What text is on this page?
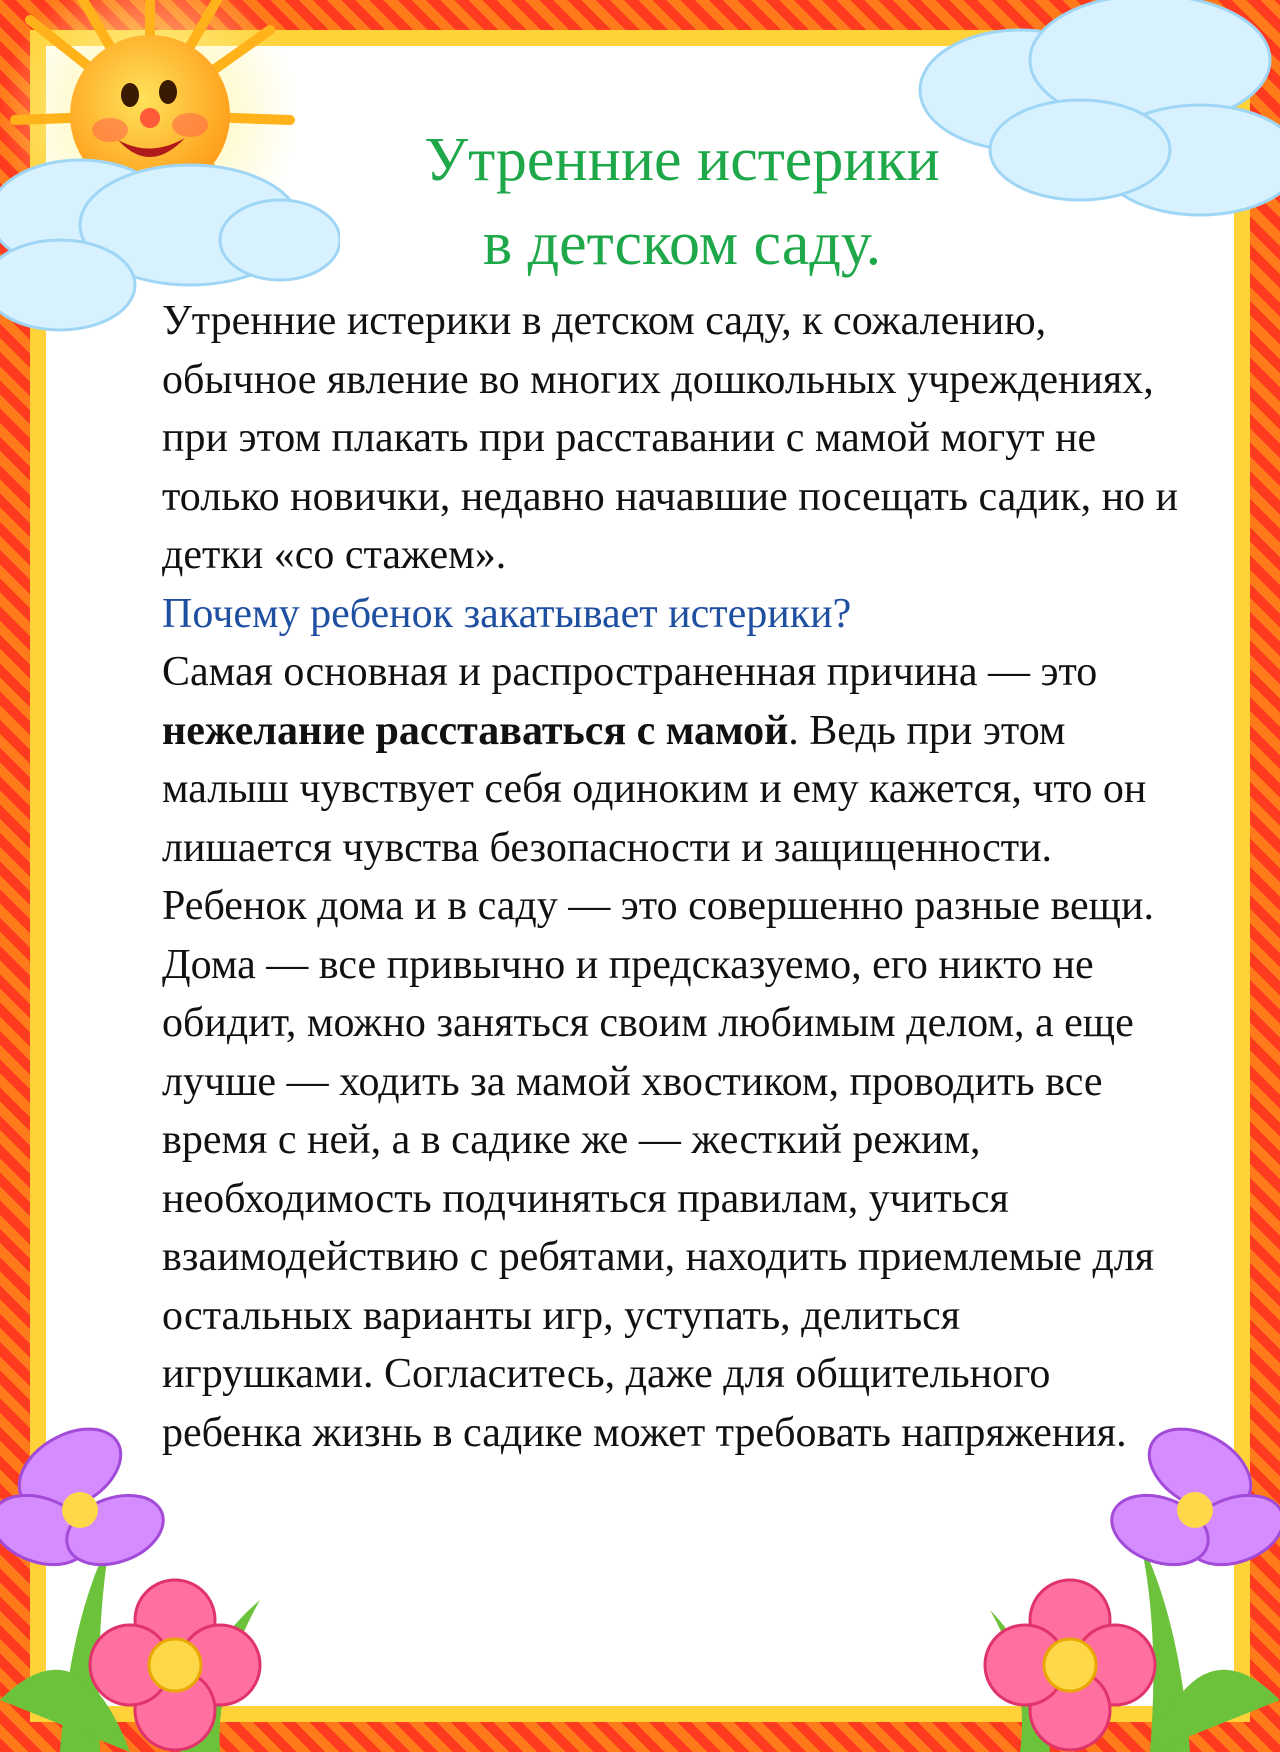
Утренние истерики
в детском саду.

Утренние истерики в детском саду, к сожалению, обычное явление во многих дошкольных учреждениях, при этом плакать при расставании с мамой могут не только новички, недавно начавшие посещать садик, но и детки «со стажем».

Почему ребенок закатывает истерики?

Самая основная и распространенная причина — это нежелание расставаться с мамой. Ведь при этом малыш чувствует себя одиноким и ему кажется, что он лишается чувства безопасности и защищенности. Ребенок дома и в саду — это совершенно разные вещи. Дома — все привычно и предсказуемо, его никто не обидит, можно заняться своим любимым делом, а еще лучше — ходить за мамой хвостиком, проводить все время с ней, а в садике же — жесткий режим, необходимость подчиняться правилам, учиться взаимодействию с ребятами, находить приемлемые для остальных варианты игр, уступать, делиться игрушками. Согласитесь, даже для общительного ребенка жизнь в садике может требовать напряжения.
